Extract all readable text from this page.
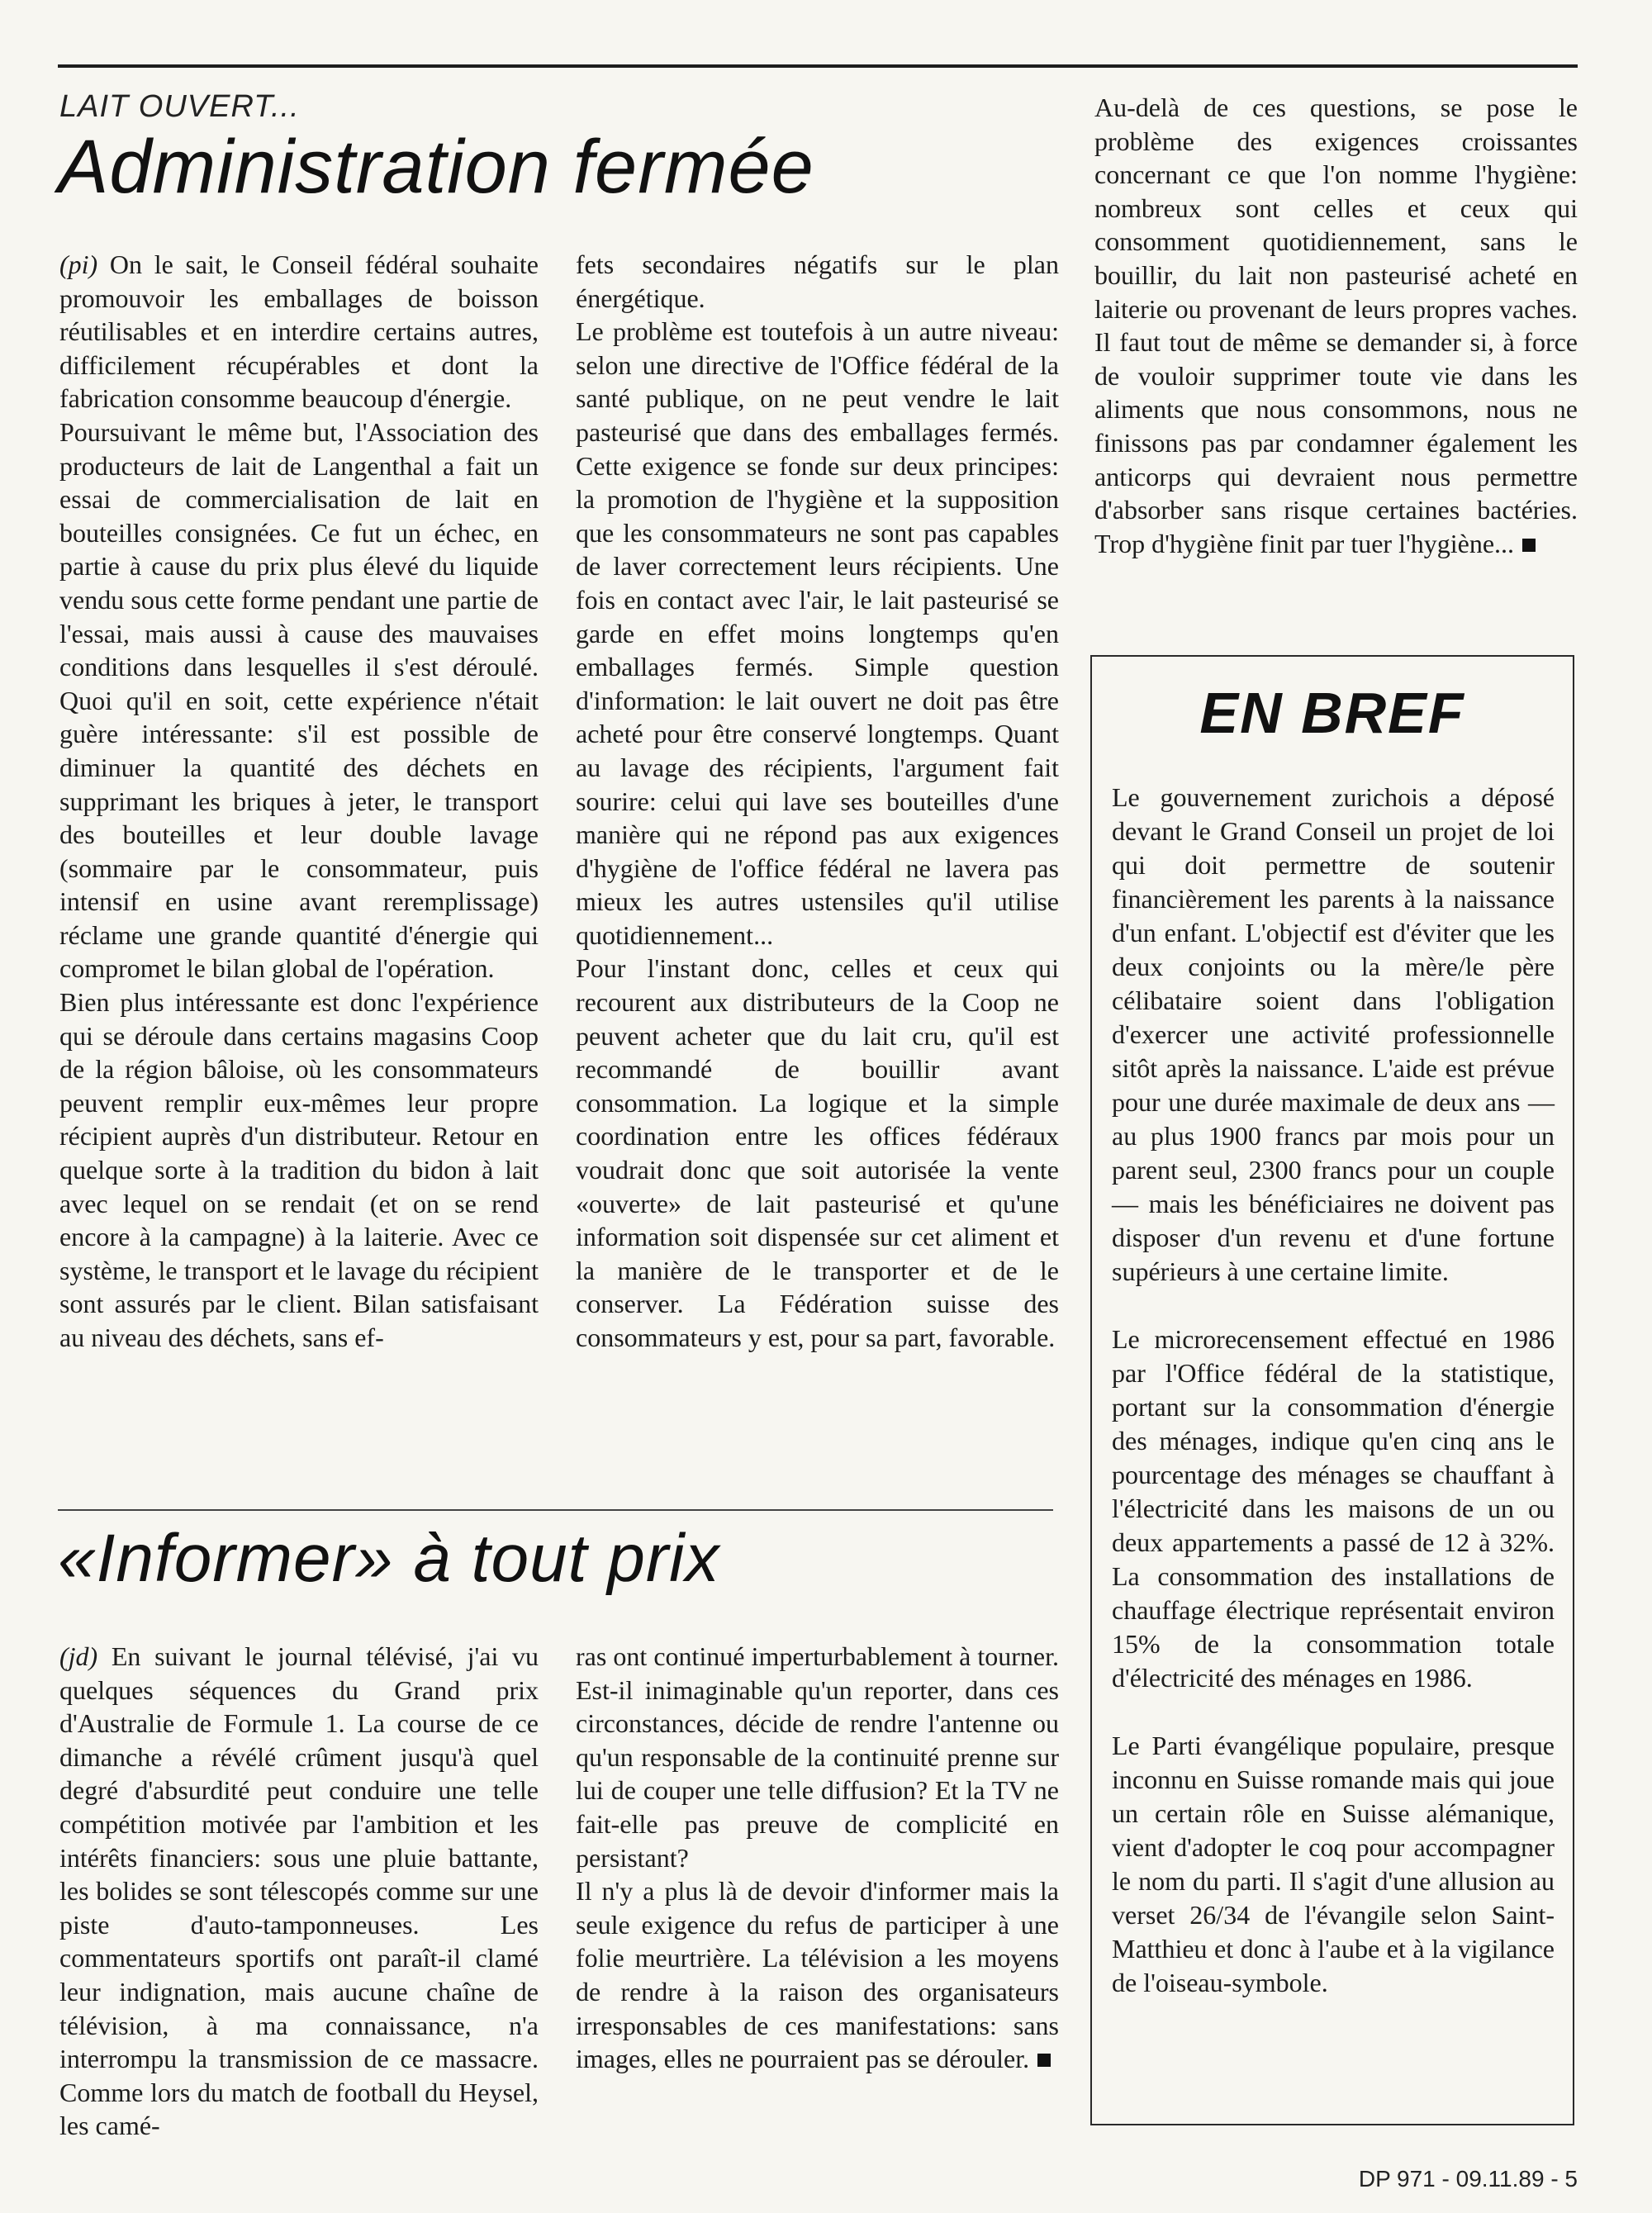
LAIT OUVERT...

Administration fermée

(pi) On le sait, le Conseil fédéral souhaite promouvoir les emballages de boisson réutilisables et en interdire certains autres, difficilement récupérables et dont la fabrication consomme beaucoup d'énergie.

Poursuivant le même but, l'Association des producteurs de lait de Langenthal a fait un essai de commercialisation de lait en bouteilles consignées. Ce fut un échec, en partie à cause du prix plus élevé du liquide vendu sous cette forme pendant une partie de l'essai, mais aussi à cause des mauvaises conditions dans lesquelles il s'est déroulé. Quoi qu'il en soit, cette expérience n'était guère intéressante: s'il est possible de diminuer la quantité des déchets en supprimant les briques à jeter, le transport des bouteilles et leur double lavage (sommaire par le consommateur, puis intensif en usine avant reremplissage) réclame une grande quantité d'énergie qui compromet le bilan global de l'opération.

Bien plus intéressante est donc l'expérience qui se déroule dans certains magasins Coop de la région bâloise, où les consommateurs peuvent remplir eux-mêmes leur propre récipient auprès d'un distributeur. Retour en quelque sorte à la tradition du bidon à lait avec lequel on se rendait (et on se rend encore à la campagne) à la laiterie. Avec ce système, le transport et le lavage du récipient sont assurés par le client. Bilan satisfaisant au niveau des déchets, sans ef-

fets secondaires négatifs sur le plan énergétique.

Le problème est toutefois à un autre niveau: selon une directive de l'Office fédéral de la santé publique, on ne peut vendre le lait pasteurisé que dans des emballages fermés. Cette exigence se fonde sur deux principes: la promotion de l'hygiène et la supposition que les consommateurs ne sont pas capables de laver correctement leurs récipients. Une fois en contact avec l'air, le lait pasteurisé se garde en effet moins longtemps qu'en emballages fermés. Simple question d'information: le lait ouvert ne doit pas être acheté pour être conservé longtemps. Quant au lavage des récipients, l'argument fait sourire: celui qui lave ses bouteilles d'une manière qui ne répond pas aux exigences d'hygiène de l'office fédéral ne lavera pas mieux les autres ustensiles qu'il utilise quotidiennement...

Pour l'instant donc, celles et ceux qui recourent aux distributeurs de la Coop ne peuvent acheter que du lait cru, qu'il est recommandé de bouillir avant consommation. La logique et la simple coordination entre les offices fédéraux voudrait donc que soit autorisée la vente «ouverte» de lait pasteurisé et qu'une information soit dispensée sur cet aliment et la manière de le transporter et de le conserver. La Fédération suisse des consommateurs y est, pour sa part, favorable.

Au-delà de ces questions, se pose le problème des exigences croissantes concernant ce que l'on nomme l'hygiène: nombreux sont celles et ceux qui consomment quotidiennement, sans le bouillir, du lait non pasteurisé acheté en laiterie ou provenant de leurs propres vaches. Il faut tout de même se demander si, à force de vouloir supprimer toute vie dans les aliments que nous consommons, nous ne finissons pas par condamner également les anticorps qui devraient nous permettre d'absorber sans risque certaines bactéries. Trop d'hygiène finit par tuer l'hygiène...

«Informer» à tout prix

(jd) En suivant le journal télévisé, j'ai vu quelques séquences du Grand prix d'Australie de Formule 1. La course de ce dimanche a révélé crûment jusqu'à quel degré d'absurdité peut conduire une telle compétition motivée par l'ambition et les intérêts financiers: sous une pluie battante, les bolides se sont télescopés comme sur une piste d'auto-tamponneuses. Les commentateurs sportifs ont paraît-il clamé leur indignation, mais aucune chaîne de télévision, à ma connaissance, n'a interrompu la transmission de ce massacre. Comme lors du match de football du Heysel, les camé-

ras ont continué imperturbablement à tourner. Est-il inimaginable qu'un reporter, dans ces circonstances, décide de rendre l'antenne ou qu'un responsable de la continuité prenne sur lui de couper une telle diffusion? Et la TV ne fait-elle pas preuve de complicité en persistant?

Il n'y a plus là de devoir d'informer mais la seule exigence du refus de participer à une folie meurtrière. La télévision a les moyens de rendre à la raison des organisateurs irresponsables de ces manifestations: sans images, elles ne pourraient pas se dérouler.

EN BREF

Le gouvernement zurichois a déposé devant le Grand Conseil un projet de loi qui doit permettre de soutenir financièrement les parents à la naissance d'un enfant. L'objectif est d'éviter que les deux conjoints ou la mère/le père célibataire soient dans l'obligation d'exercer une activité professionnelle sitôt après la naissance. L'aide est prévue pour une durée maximale de deux ans — au plus 1900 francs par mois pour un parent seul, 2300 francs pour un couple — mais les bénéficiaires ne doivent pas disposer d'un revenu et d'une fortune supérieurs à une certaine limite.

Le microrecensement effectué en 1986 par l'Office fédéral de la statistique, portant sur la consommation d'énergie des ménages, indique qu'en cinq ans le pourcentage des ménages se chauffant à l'électricité dans les maisons de un ou deux appartements a passé de 12 à 32%. La consommation des installations de chauffage électrique représentait environ 15% de la consommation totale d'électricité des ménages en 1986.

Le Parti évangélique populaire, presque inconnu en Suisse romande mais qui joue un certain rôle en Suisse alémanique, vient d'adopter le coq pour accompagner le nom du parti. Il s'agit d'une allusion au verset 26/34 de l'évangile selon Saint-Matthieu et donc à l'aube et à la vigilance de l'oiseau-symbole.

DP 971 - 09.11.89 - 5
